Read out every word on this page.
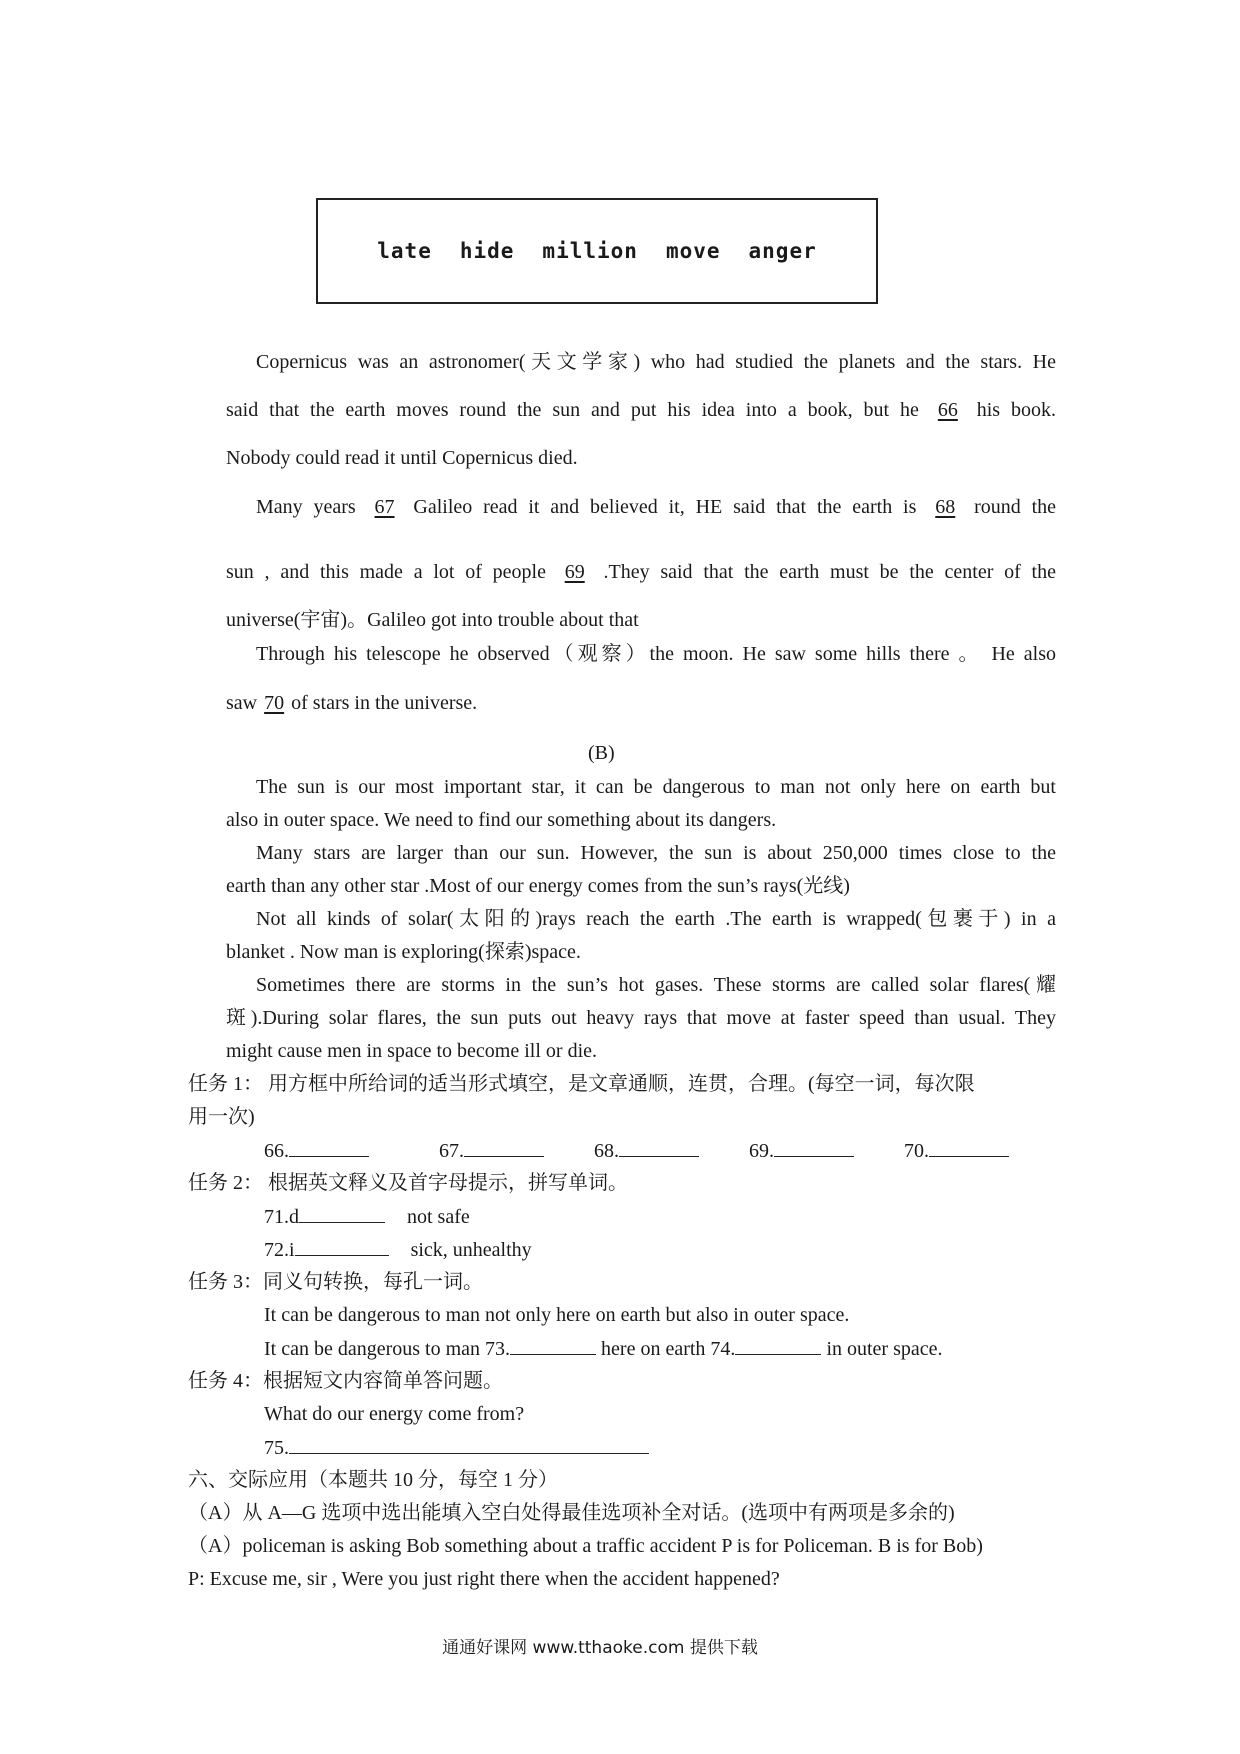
late hide million move anger
Copernicus was an astronomer(天文学家) who had studied the planets and the stars. He
said that the earth moves round the sun and put his idea into a book, but he 66 his book.
Nobody could read it until Copernicus died.
Many years 67 Galileo read it and believed it, HE said that the earth is 68 round the
sun , and this made a lot of people 69 .They said that the earth must be the center of the
universe(宇宙)。Galileo got into trouble about that
Through his telescope he observed（观察）the moon. He saw some hills there 。 He also
saw 70 of stars in the universe.
(B)
The sun is our most important star, it can be dangerous to man not only here on earth but
also in outer space. We need to find our something about its dangers.
Many stars are larger than our sun. However, the sun is about 250,000 times close to the
earth than any other star .Most of our energy comes from the sun’s rays(光线)
Not all kinds of solar(太阳的)rays reach the earth .The earth is wrapped(包裹于) in a
blanket . Now man is exploring(探索)space.
Sometimes there are storms in the sun’s hot gases. These storms are called solar flares(耀
斑).During solar flares, the sun puts out heavy rays that move at faster speed than usual. They
might cause men in space to become ill or die.
任务 1： 用方框中所给词的适当形式填空，是文章通顺，连贯，合理。(每空一词，每次限
用一次)
66.	67.	68.	69.	70.
任务 2： 根据英文释义及首字母提示，拼写单词。
71.d	not safe
72.i	sick, unhealthy
任务 3：同义句转换，每孔一词。
It can be dangerous to man not only here on earth but also in outer space.
It can be dangerous to man 73.	here on earth 74.	in outer space.
任务 4：根据短文内容简单答问题。
What do our energy come from?
75.
六、交际应用（本题共 10 分，每空 1 分）
（A）从 A—G 选项中选出能填入空白处得最佳选项补全对话。(选项中有两项是多余的)
（A）policeman is asking Bob something about a traffic accident P is for Policeman. B is for Bob)
P: Excuse me, sir , Were you just right there when the accident happened?
通通好课网 www.tthaoke.com 提供下载
